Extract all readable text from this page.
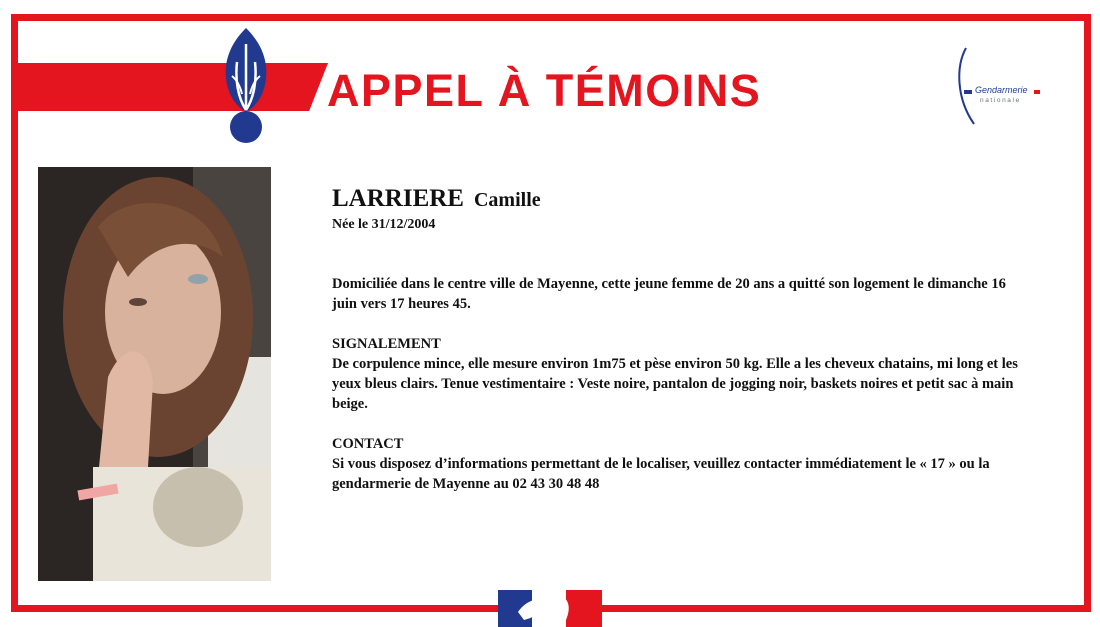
APPEL À TÉMOINS	Gendarmerie
nationale
LARRIERE Camille
Née le 31/12/2004

Domiciliée dans le centre ville de Mayenne, cette jeune femme de 20 ans a quitté son logement le dimanche 16 juin vers 17 heures 45.

SIGNALEMENT

De corpulence mince, elle mesure environ 1m75 et pèse environ 50 kg. Elle a les cheveux chatains, mi long et les yeux bleus clairs. Tenue vestimentaire : Veste noire, pantalon de jogging noir, baskets noires et petit sac à main beige.

CONTACT

Si vous disposez d’informations permettant de le localiser, veuillez contacter immédiatement le « 17 » ou la gendarmerie de Mayenne au 02 43 30 48 48
